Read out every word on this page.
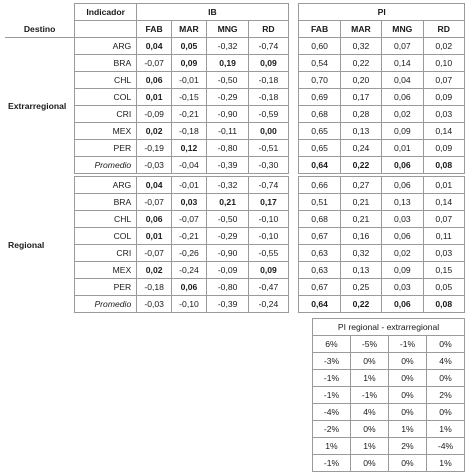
	Indicador	IB					PI			
Destino		FAB	MAR	MNG	RD		FAB	MAR	MNG	RD
Extrarregional	ARG	0,04	0,05	-0,32	-0,74		0,60	0,32	0,07	0,02
	BRA	-0,07	0,09	0,19	0,09		0,54	0,22	0,14	0,10
	CHL	0,06	-0,01	-0,50	-0,18		0,70	0,20	0,04	0,07
	COL	0,01	-0,15	-0,29	-0,18		0,69	0,17	0,06	0,09
	CRI	-0,09	-0,21	-0,90	-0,59		0,68	0,28	0,02	0,03
	MEX	0,02	-0,18	-0,11	0,00		0,65	0,13	0,09	0,14
	PER	-0,19	0,12	-0,80	-0,51		0,65	0,24	0,01	0,09
	Promedio	-0,03	-0,04	-0,39	-0,30		0,64	0,22	0,06	0,08
Regional	ARG	0,04	-0,01	-0,32	-0,74		0,66	0,27	0,06	0,01
	BRA	-0,07	0,03	0,21	0,17		0,51	0,21	0,13	0,14
	CHL	0,06	-0,07	-0,50	-0,10		0,68	0,21	0,03	0,07
	COL	0,01	-0,21	-0,29	-0,10		0,67	0,16	0,06	0,11
	CRI	-0,07	-0,26	-0,90	-0,55		0,63	0,32	0,02	0,03
	MEX	0,02	-0,24	-0,09	0,09		0,63	0,13	0,09	0,15
	PER	-0,18	0,06	-0,80	-0,47		0,67	0,25	0,03	0,05
	Promedio	-0,03	-0,10	-0,39	-0,24		0,64	0,22	0,06	0,08
PI regional - extrarregional			
6%	-5%	-1%	0%
-3%	0%	0%	4%
-1%	1%	0%	0%
-1%	-1%	0%	2%
-4%	4%	0%	0%
-2%	0%	1%	1%
1%	1%	2%	-4%
-1%	0%	0%	1%
